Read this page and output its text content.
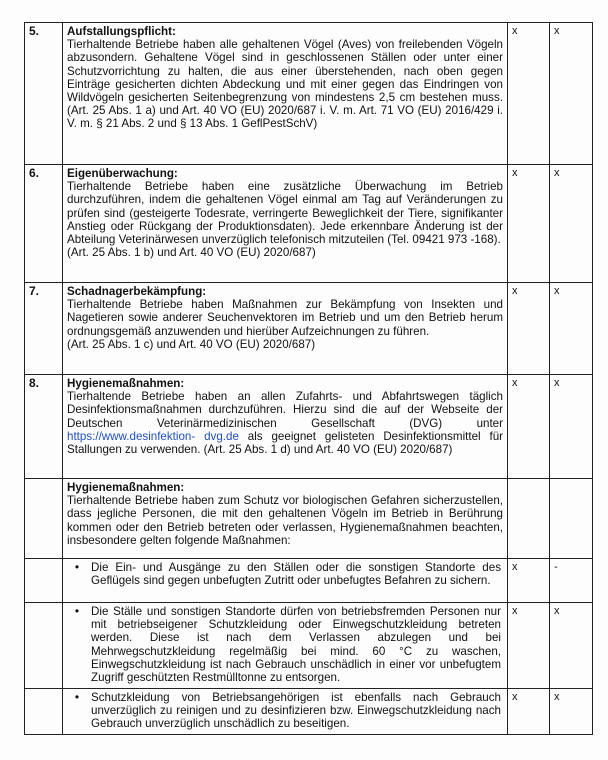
5.	Aufstallungspflicht:
Tierhaltende Betriebe haben alle gehaltenen Vögel (Aves) von freilebenden Vögeln abzusondern. Gehaltene Vögel sind in geschlossenen Ställen oder unter einer Schutzvorrichtung zu halten, die aus einer überstehenden, nach oben gegen Einträge gesicherten dichten Abdeckung und mit einer gegen das Eindringen von Wildvögeln gesicherten Seitenbegrenzung von mindestens 2,5 cm bestehen muss. (Art. 25 Abs. 1 a) und Art. 40 VO (EU) 2020/687 i. V. m. Art. 71 VO (EU) 2016/429 i. V. m. § 21 Abs. 2 und § 13 Abs. 1 GeflPestSchV)	x	x
6.	Eigenüberwachung:
Tierhaltende Betriebe haben eine zusätzliche Überwachung im Betrieb durchzuführen, indem die gehaltenen Vögel einmal am Tag auf Veränderungen zu prüfen sind (gesteigerte Todesrate, verringerte Beweglichkeit der Tiere, signifikanter Anstieg oder Rückgang der Produktionsdaten). Jede erkennbare Änderung ist der Abteilung Veterinärwesen unverzüglich telefonisch mitzuteilen (Tel. 09421 973 -168).
(Art. 25 Abs. 1 b) und Art. 40 VO (EU) 2020/687)	x	x
7.	Schadnagerbekämpfung:
Tierhaltende Betriebe haben Maßnahmen zur Bekämpfung von Insekten und Nagetieren sowie anderer Seuchenvektoren im Betrieb und um den Betrieb herum ordnungsgemäß anzuwenden und hierüber Aufzeichnungen zu führen.
(Art. 25 Abs. 1 c) und Art. 40 VO (EU) 2020/687)	x	x
8.	Hygienemaßnahmen:
Tierhaltende Betriebe haben an allen Zufahrts- und Abfahrtswegen täglich Desinfektionsmaßnahmen durchzuführen. Hierzu sind die auf der Webseite der Deutschen Veterinärmedizinischen Gesellschaft (DVG) unter https://www.desinfektion- dvg.de als geeignet gelisteten Desinfektionsmittel für Stallungen zu verwenden. (Art. 25 Abs. 1 d) und Art. 40 VO (EU) 2020/687)	x	x

	Hygienemaßnahmen:
Tierhaltende Betriebe haben zum Schutz vor biologischen Gefahren sicherzustellen, dass jegliche Personen, die mit den gehaltenen Vögeln im Betrieb in Berührung kommen oder den Betrieb betreten oder verlassen, Hygienemaßnahmen beachten, insbesondere gelten folgende Maßnahmen:		

	• Die Ein- und Ausgänge zu den Ställen oder die sonstigen Standorte des Geflügels sind gegen unbefugten Zutritt oder unbefugtes Befahren zu sichern.	x	-

	• Die Ställe und sonstigen Standorte dürfen von betriebsfremden Personen nur mit betriebseigener Schutzkleidung oder Einwegschutzkleidung betreten werden. Diese ist nach dem Verlassen abzulegen und bei Mehrwegschutzkleidung regelmäßig bei mind. 60 °C zu waschen, Einwegschutzkleidung ist nach Gebrauch unschädlich in einer vor unbefugtem Zugriff geschützten Restmülltonne zu entsorgen.	x	x

	• Schutzkleidung von Betriebsangehörigen ist ebenfalls nach Gebrauch unverzüglich zu reinigen und zu desinfizieren bzw. Einwegschutzkleidung nach Gebrauch unverzüglich unschädlich zu beseitigen.	x	x
